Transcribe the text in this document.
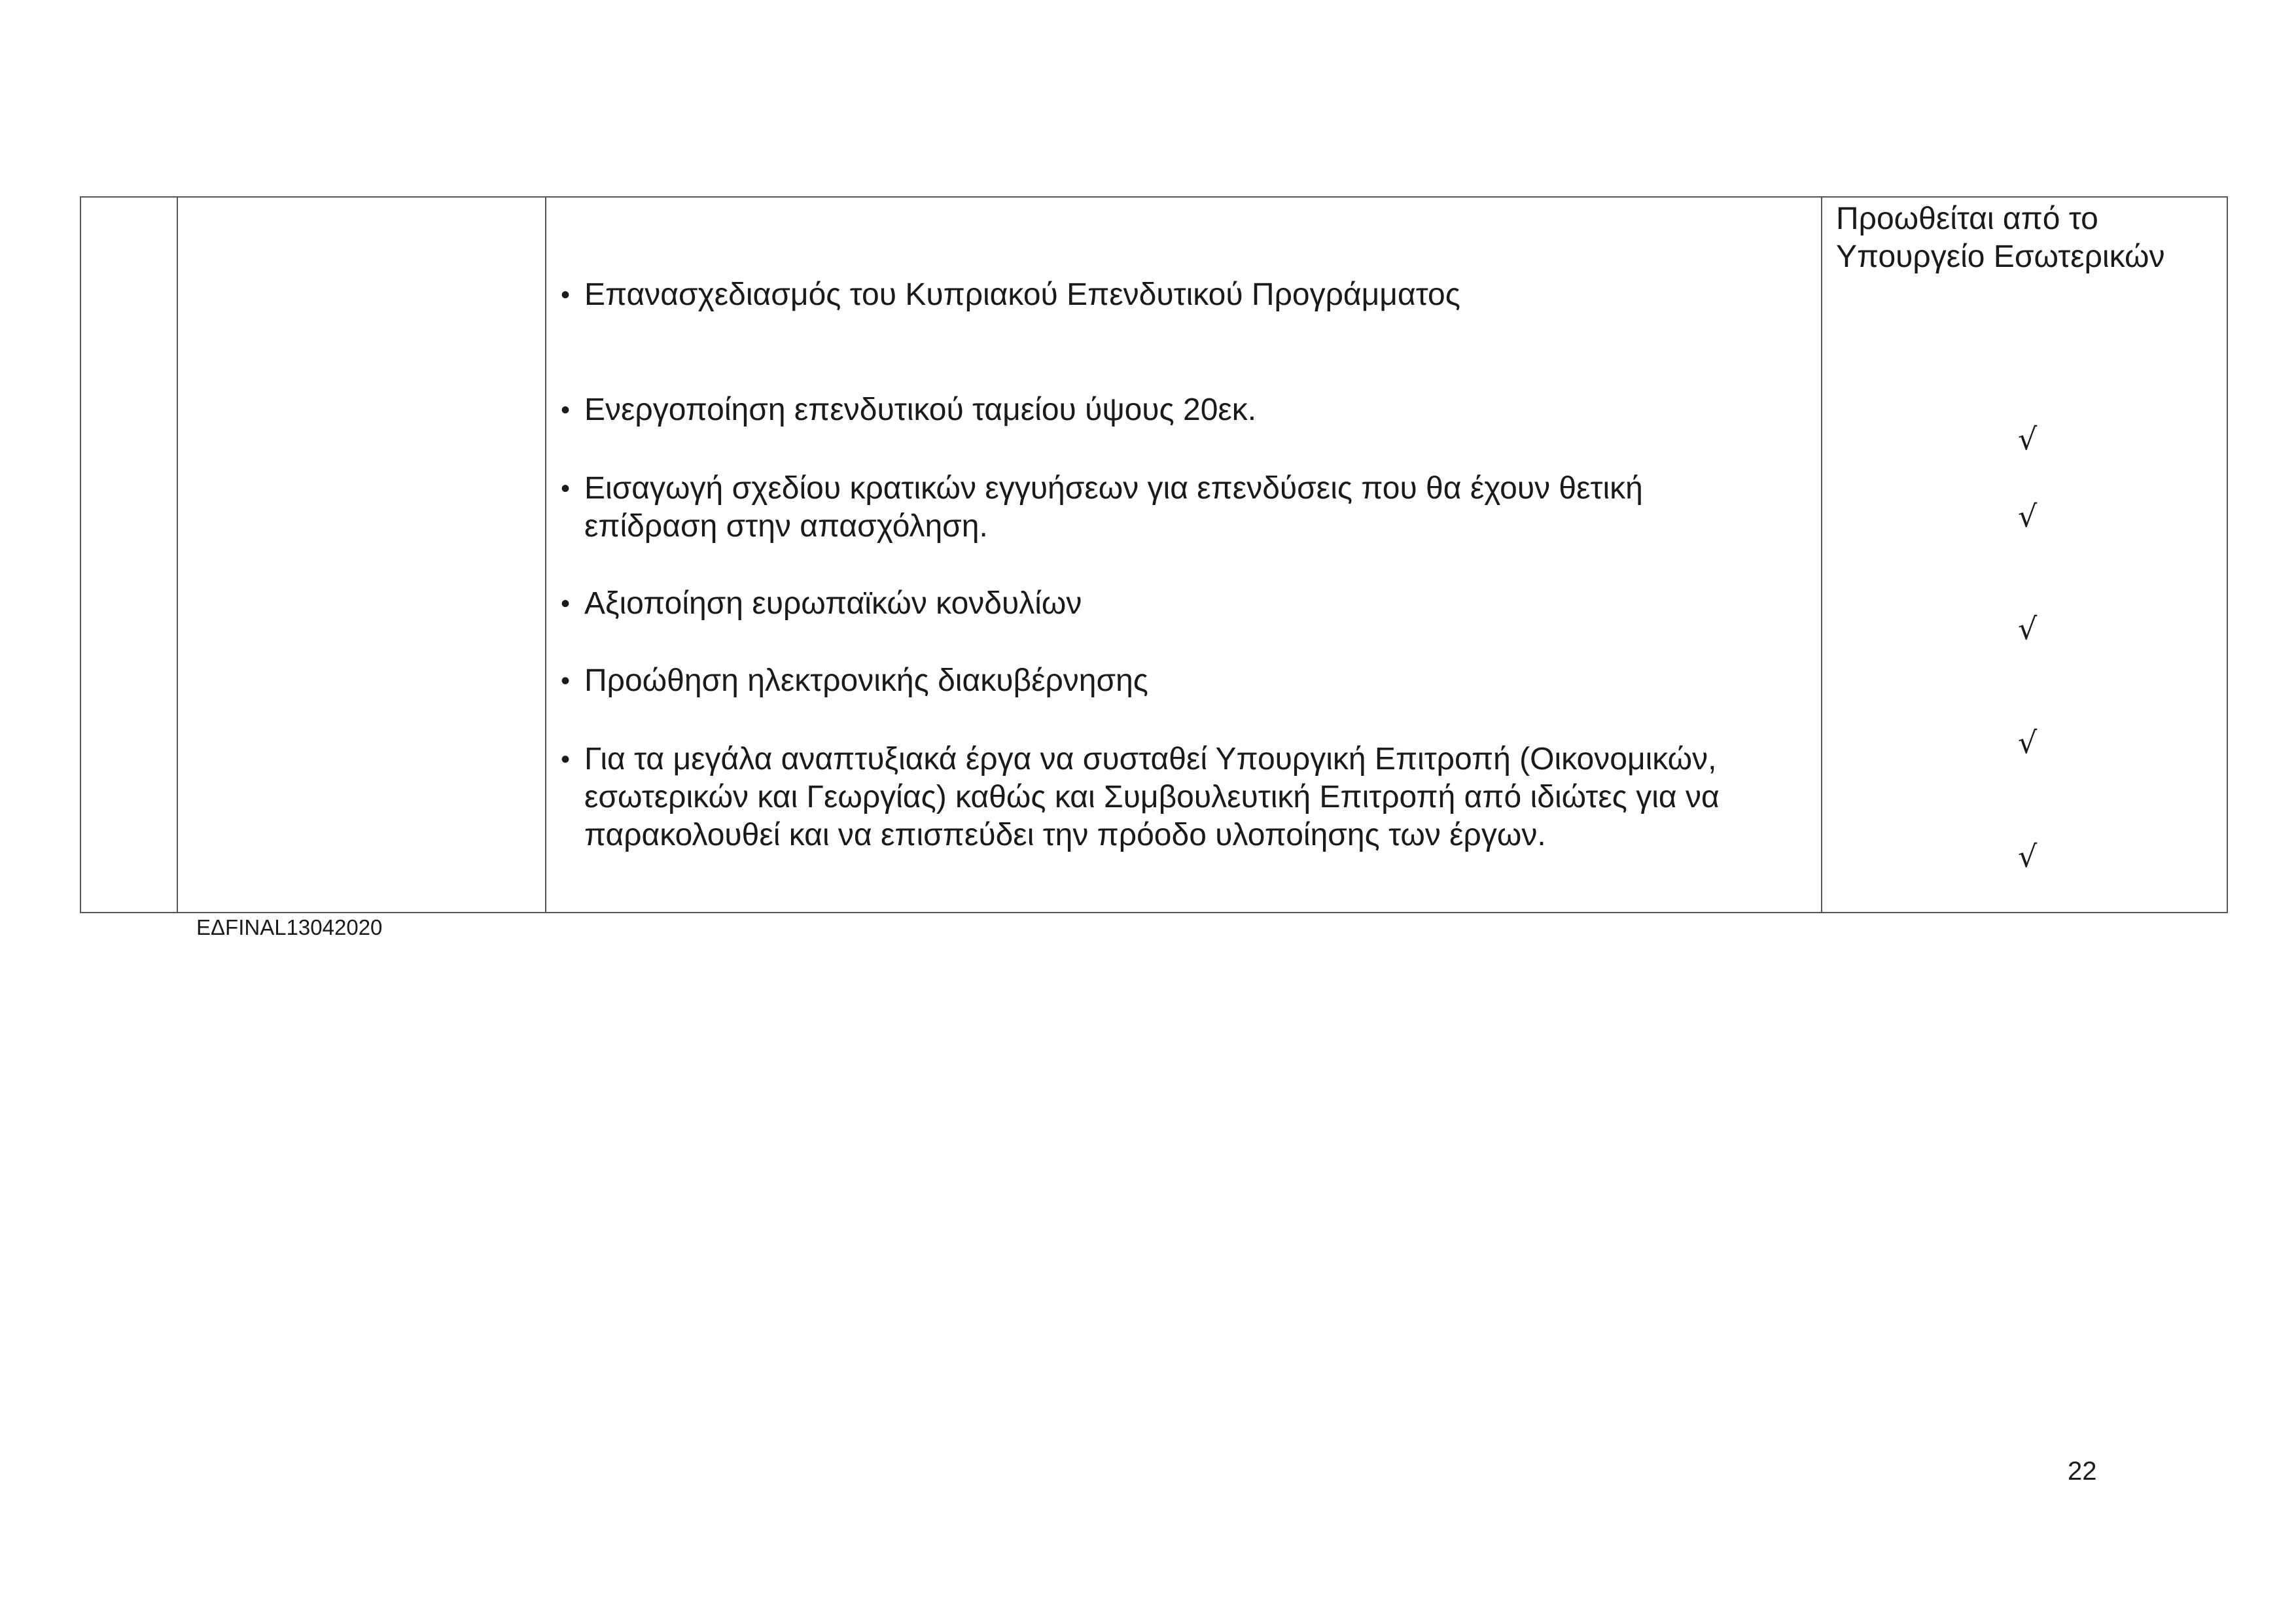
• Επανασχεδιασμός του Κυπριακού Επενδυτικού Προγράμματος
• Ενεργοποίηση επενδυτικού ταμείου ύψους 20εκ.
• Εισαγωγή σχεδίου κρατικών εγγυήσεων για επενδύσεις που θα έχουν θετική
επίδραση στην απασχόληση.
• Αξιοποίηση ευρωπαϊκών κονδυλίων
• Προώθηση ηλεκτρονικής διακυβέρνησης
• Για τα μεγάλα αναπτυξιακά έργα να συσταθεί Υπουργική Επιτροπή (Οικονομικών,
εσωτερικών και Γεωργίας) καθώς και Συμβουλευτική Επιτροπή από ιδιώτες για να
παρακολουθεί και να επισπεύδει την πρόοδο υλοποίησης των έργων.
Προωθείται από το
Υπουργείο Εσωτερικών
√
√
√
√
√
ΕΔFINAL13042020
22
